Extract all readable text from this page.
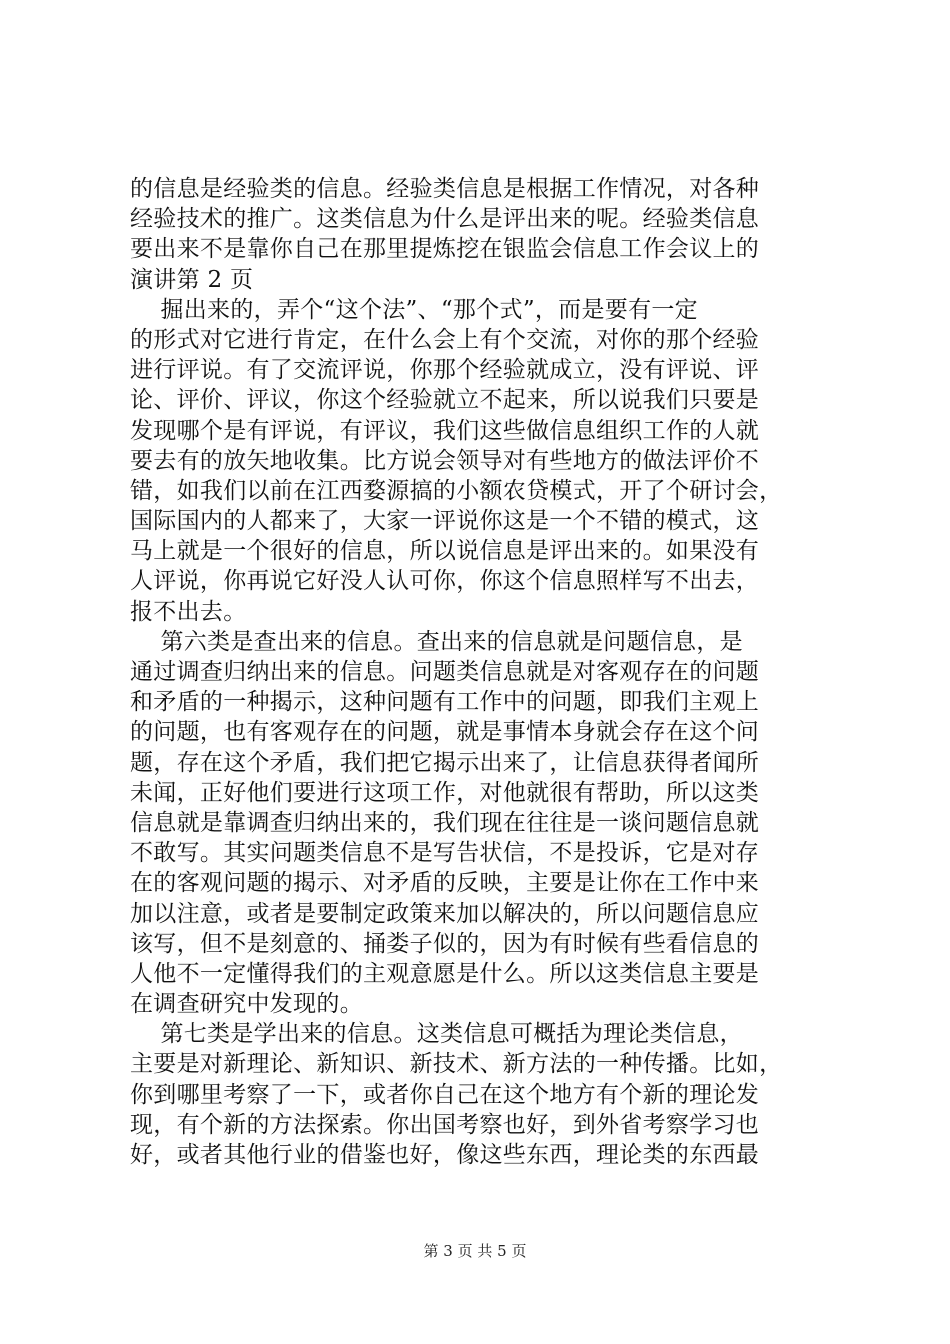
的信息是经验类的信息。经验类信息是根据工作情况，对各种
经验技术的推广。这类信息为什么是评出来的呢。经验类信息
要出来不是靠你自己在那里提炼挖在银监会信息工作会议上的
演讲第 2 页
掘出来的，弄个“这个法”、“那个式”，而是要有一定
的形式对它进行肯定，在什么会上有个交流，对你的那个经验
进行评说。有了交流评说，你那个经验就成立，没有评说、评
论、评价、评议，你这个经验就立不起来，所以说我们只要是
发现哪个是有评说，有评议，我们这些做信息组织工作的人就
要去有的放矢地收集。比方说会领导对有些地方的做法评价不
错，如我们以前在江西婺源搞的小额农贷模式，开了个研讨会，
国际国内的人都来了，大家一评说你这是一个不错的模式，这
马上就是一个很好的信息，所以说信息是评出来的。如果没有
人评说，你再说它好没人认可你，你这个信息照样写不出去，
报不出去。
第六类是查出来的信息。查出来的信息就是问题信息，是
通过调查归纳出来的信息。问题类信息就是对客观存在的问题
和矛盾的一种揭示，这种问题有工作中的问题，即我们主观上
的问题，也有客观存在的问题，就是事情本身就会存在这个问
题，存在这个矛盾，我们把它揭示出来了，让信息获得者闻所
未闻，正好他们要进行这项工作，对他就很有帮助，所以这类
信息就是靠调查归纳出来的，我们现在往往是一谈问题信息就
不敢写。其实问题类信息不是写告状信，不是投诉，它是对存
在的客观问题的揭示、对矛盾的反映，主要是让你在工作中来
加以注意，或者是要制定政策来加以解决的，所以问题信息应
该写，但不是刻意的、捅娄子似的，因为有时候有些看信息的
人他不一定懂得我们的主观意愿是什么。所以这类信息主要是
在调查研究中发现的。
第七类是学出来的信息。这类信息可概括为理论类信息，
主要是对新理论、新知识、新技术、新方法的一种传播。比如，
你到哪里考察了一下，或者你自己在这个地方有个新的理论发
现，有个新的方法探索。你出国考察也好，到外省考察学习也
好，或者其他行业的借鉴也好，像这些东西，理论类的东西最
第 3 页 共 5 页
